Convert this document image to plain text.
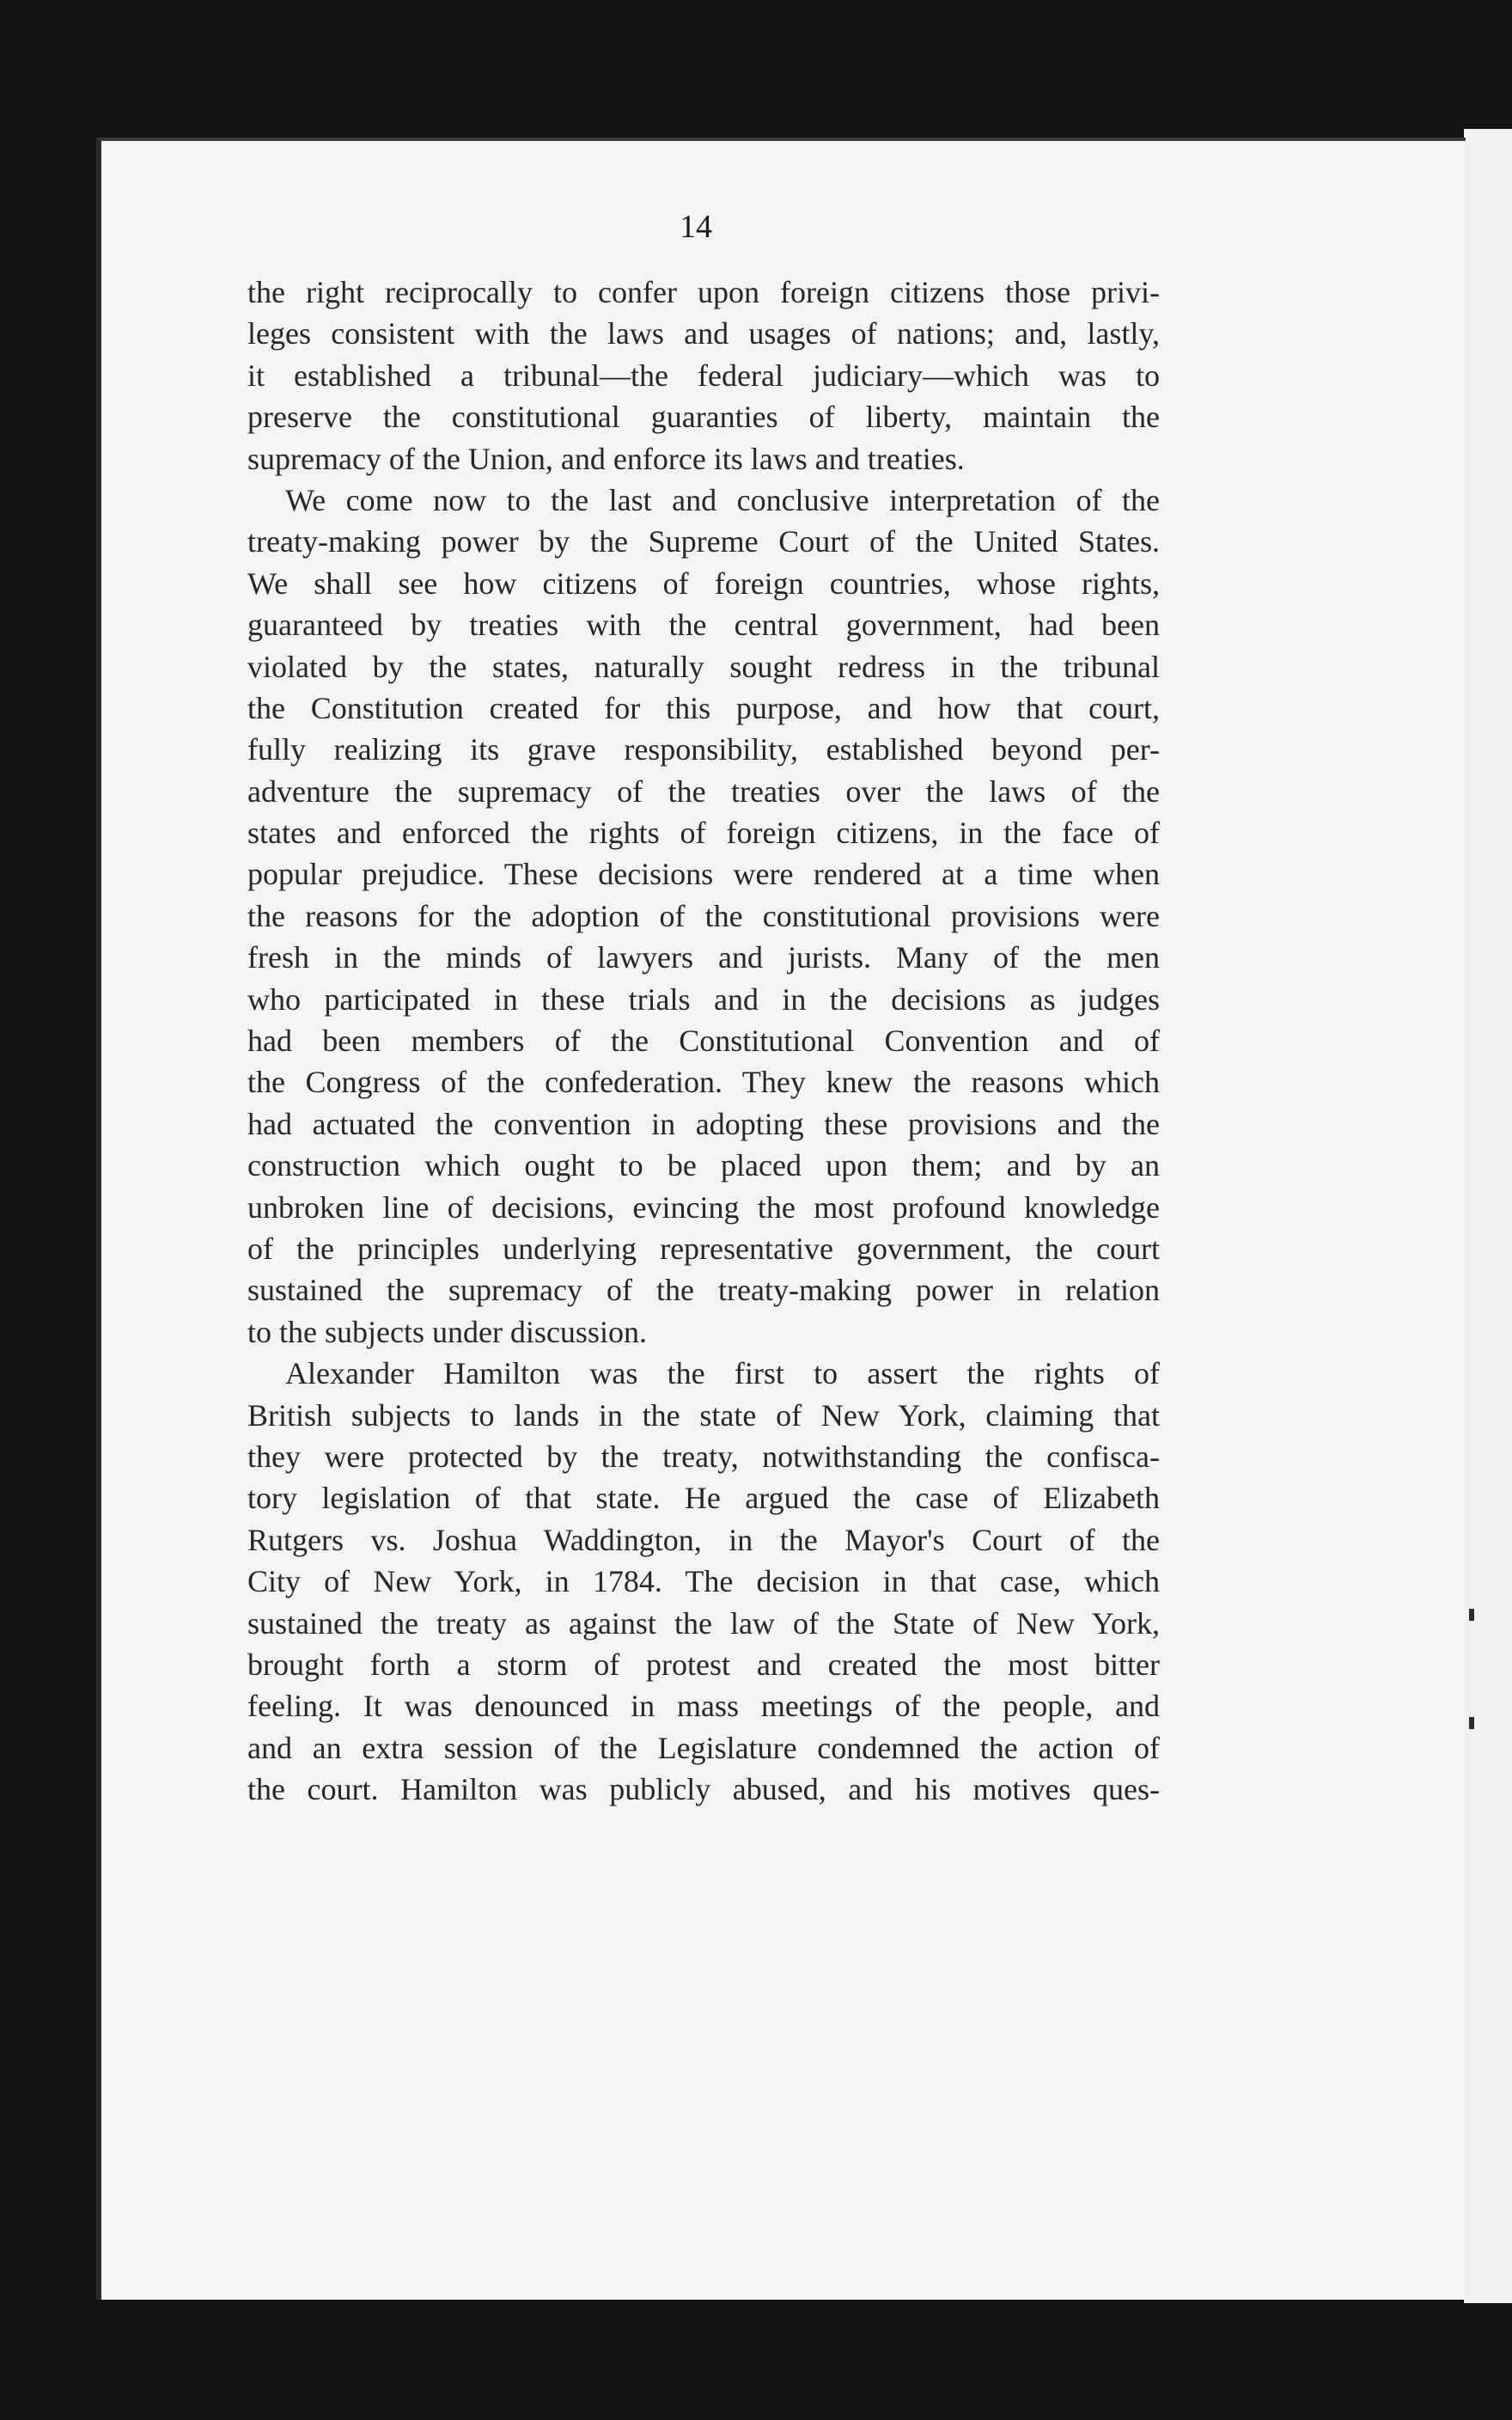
14

the right reciprocally to confer upon foreign citizens those privi-
leges consistent with the laws and usages of nations; and, lastly,
it established a tribunal—the federal judiciary—which was to
preserve the constitutional guaranties of liberty, maintain the
supremacy of the Union, and enforce its laws and treaties.
We come now to the last and conclusive interpretation of the
treaty-making power by the Supreme Court of the United States.
We shall see how citizens of foreign countries, whose rights,
guaranteed by treaties with the central government, had been
violated by the states, naturally sought redress in the tribunal
the Constitution created for this purpose, and how that court,
fully realizing its grave responsibility, established beyond per-
adventure the supremacy of the treaties over the laws of the
states and enforced the rights of foreign citizens, in the face of
popular prejudice. These decisions were rendered at a time when
the reasons for the adoption of the constitutional provisions were
fresh in the minds of lawyers and jurists. Many of the men
who participated in these trials and in the decisions as judges
had been members of the Constitutional Convention and of
the Congress of the confederation. They knew the reasons which
had actuated the convention in adopting these provisions and the
construction which ought to be placed upon them; and by an
unbroken line of decisions, evincing the most profound knowledge
of the principles underlying representative government, the court
sustained the supremacy of the treaty-making power in relation
to the subjects under discussion.
Alexander Hamilton was the first to assert the rights of
British subjects to lands in the state of New York, claiming that
they were protected by the treaty, notwithstanding the confisca-
tory legislation of that state. He argued the case of Elizabeth
Rutgers vs. Joshua Waddington, in the Mayor's Court of the
City of New York, in 1784. The decision in that case, which
sustained the treaty as against the law of the State of New York,
brought forth a storm of protest and created the most bitter
feeling. It was denounced in mass meetings of the people, and
and an extra session of the Legislature condemned the action of
the court. Hamilton was publicly abused, and his motives ques-
